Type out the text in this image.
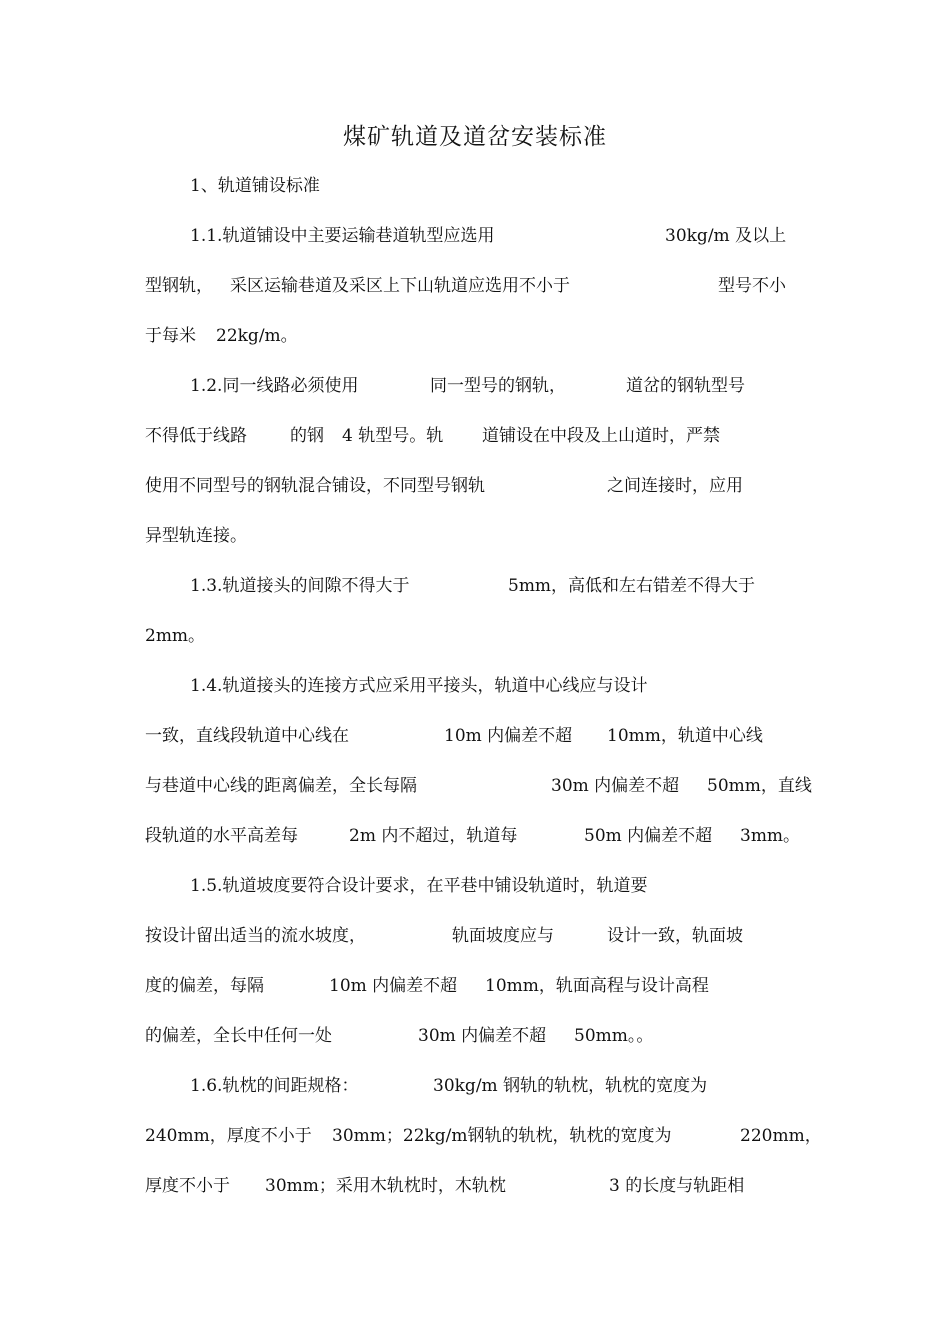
煤矿轨道及道岔安装标准
1、轨道铺设标准
1.1.轨道铺设中主要运输巷道轨型应选用	30kg/m 及以上
型钢轨， 采区运输巷道及采区上下山轨道应选用不小于	型号不小
于每米 22kg/m。
1.2.同一线路必须使用	同一型号的钢轨，	道岔的钢轨型号
不得低于线路	的钢 4 轨型号。轨 道铺设在中段及上山道时，严禁
使用不同型号的钢轨混合铺设，不同型号钢轨	之间连接时，应用
异型轨连接。
1.3.轨道接头的间隙不得大于	5mm，高低和左右错差不得大于
2mm。
1.4.轨道接头的连接方式应采用平接头，轨道中心线应与设计
一致，直线段轨道中心线在	10m 内偏差不超 10mm，轨道中心线
与巷道中心线的距离偏差，全长每隔	30m 内偏差不超 50mm，直线
段轨道的水平高差每	2m 内不超过，轨道每	50m 内偏差不超 3mm。
1.5.轨道坡度要符合设计要求，在平巷中铺设轨道时，轨道要
按设计留出适当的流水坡度，	轨面坡度应与	设计一致，轨面坡
度的偏差，每隔	10m 内偏差不超 10mm，轨面高程与设计高程
的偏差，全长中任何一处	30m 内偏差不超 50mm。。
1.6.轨枕的间距规格：	30kg/m 钢轨的轨枕，轨枕的宽度为
240mm，厚度不小于 30mm；22kg/m钢轨的轨枕，轨枕的宽度为	220mm，
厚度不小于 30mm；采用木轨枕时，木轨枕	3 的长度与轨距相
